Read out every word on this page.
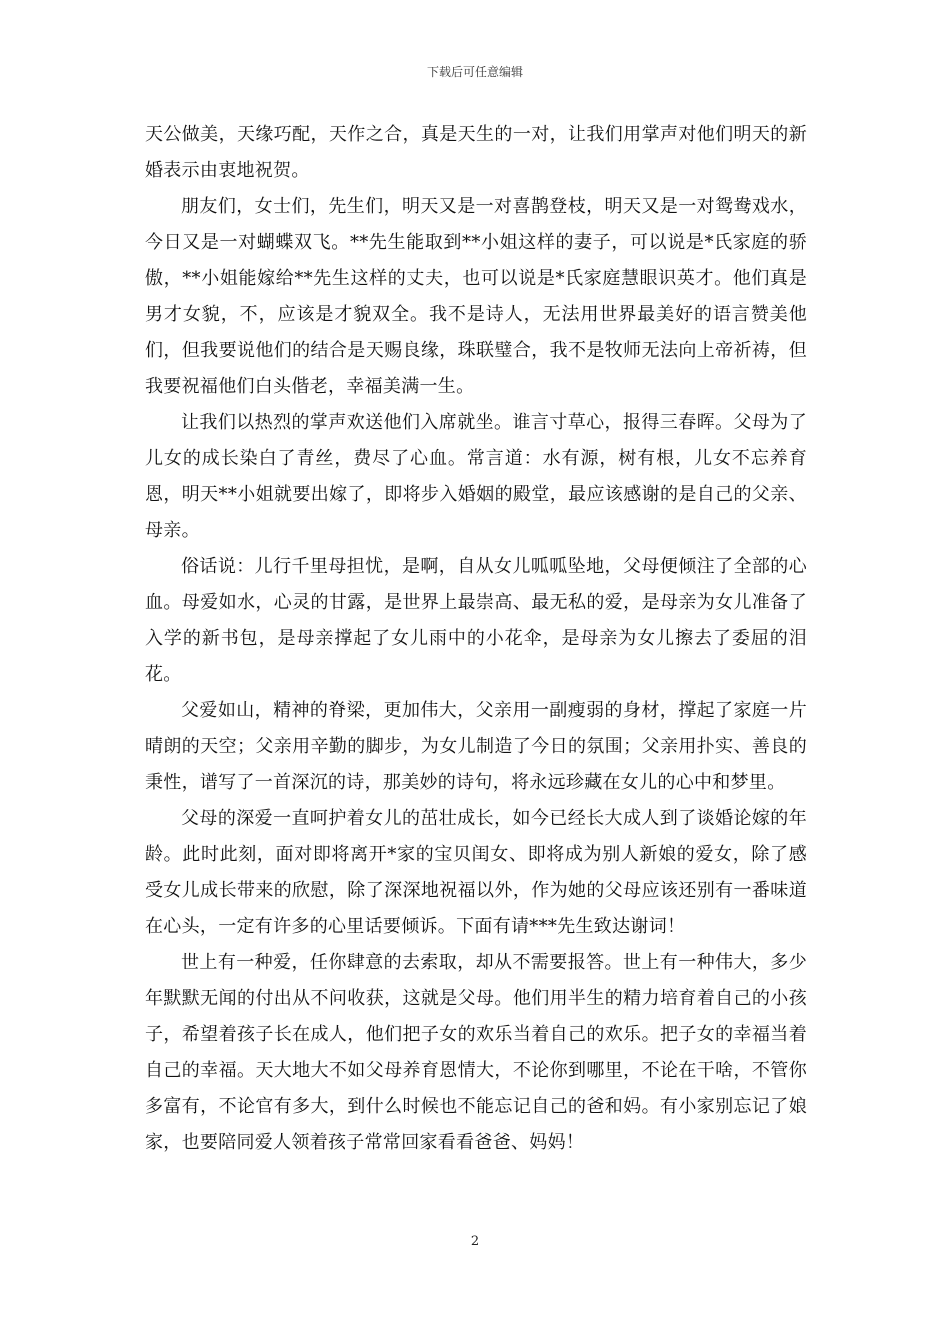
下载后可任意编辑

天公做美，天缘巧配，天作之合，真是天生的一对，让我们用掌声对他们明天的新婚表示由衷地祝贺。

朋友们，女士们，先生们，明天又是一对喜鹊登枝，明天又是一对鸳鸯戏水，今日又是一对蝴蝶双飞。**先生能取到**小姐这样的妻子，可以说是*氏家庭的骄傲，**小姐能嫁给**先生这样的丈夫，也可以说是*氏家庭慧眼识英才。他们真是男才女貌，不，应该是才貌双全。我不是诗人，无法用世界最美好的语言赞美他们，但我要说他们的结合是天赐良缘，珠联璧合，我不是牧师无法向上帝祈祷，但我要祝福他们白头偕老，幸福美满一生。

让我们以热烈的掌声欢送他们入席就坐。谁言寸草心，报得三春晖。父母为了儿女的成长染白了青丝，费尽了心血。常言道：水有源，树有根，儿女不忘养育恩，明天**小姐就要出嫁了，即将步入婚姻的殿堂，最应该感谢的是自己的父亲、母亲。

俗话说：儿行千里母担忧，是啊，自从女儿呱呱坠地，父母便倾注了全部的心血。母爱如水，心灵的甘露，是世界上最崇高、最无私的爱，是母亲为女儿准备了入学的新书包，是母亲撑起了女儿雨中的小花伞，是母亲为女儿擦去了委屈的泪花。

父爱如山，精神的脊梁，更加伟大，父亲用一副瘦弱的身材，撑起了家庭一片晴朗的天空；父亲用辛勤的脚步，为女儿制造了今日的氛围；父亲用扑实、善良的秉性，谱写了一首深沉的诗，那美妙的诗句，将永远珍藏在女儿的心中和梦里。

父母的深爱一直呵护着女儿的茁壮成长，如今已经长大成人到了谈婚论嫁的年龄。此时此刻，面对即将离开*家的宝贝闺女、即将成为别人新娘的爱女，除了感受女儿成长带来的欣慰，除了深深地祝福以外，作为她的父母应该还别有一番味道在心头，一定有许多的心里话要倾诉。下面有请***先生致达谢词！

世上有一种爱，任你肆意的去索取，却从不需要报答。世上有一种伟大，多少年默默无闻的付出从不问收获，这就是父母。他们用半生的精力培育着自己的小孩子，希望着孩子长在成人，他们把子女的欢乐当着自己的欢乐。把子女的幸福当着自己的幸福。天大地大不如父母养育恩情大，不论你到哪里，不论在干啥，不管你多富有，不论官有多大，到什么时候也不能忘记自己的爸和妈。有小家别忘记了娘家，也要陪同爱人领着孩子常常回家看看爸爸、妈妈！

2
